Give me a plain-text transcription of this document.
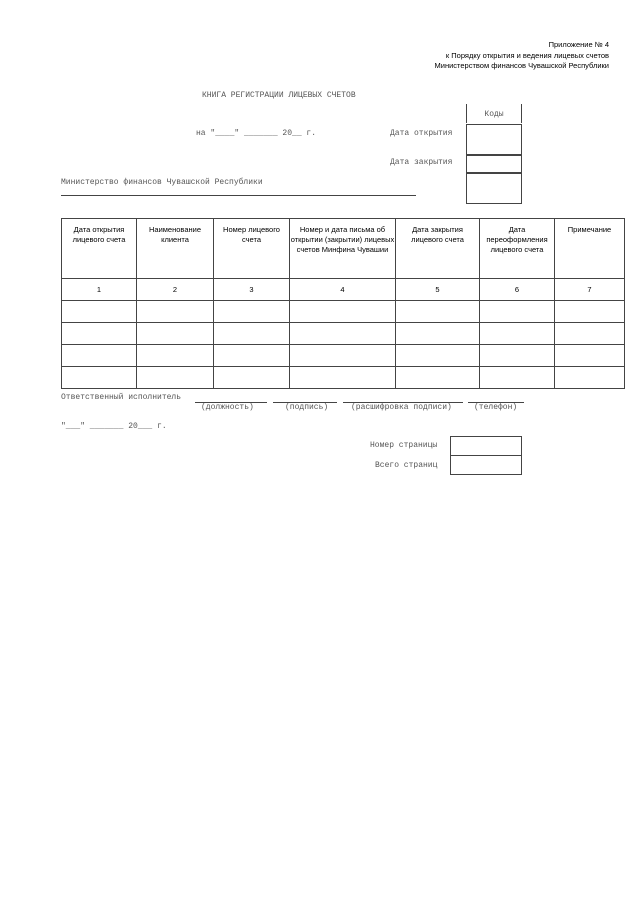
Приложение № 4
к Порядку открытия и ведения лицевых счетов
Министерством финансов Чувашской Республики
КНИГА РЕГИСТРАЦИИ ЛИЦЕВЫХ СЧЕТОВ
на "____" _______ 20__ г.	Дата открытия
Дата закрытия
Коды
Министерство финансов Чувашской Республики
Дата открытия лицевого счета	Наименование клиента	Номер лицевого счета	Номер и дата письма об открытии (закрытии) лицевых счетов Минфина Чувашии	Дата закрытия лицевого счета	Дата переоформления лицевого счета	Примечание
1	2	3	4	5	6	7

Ответственный исполнитель
(должность)	(подпись)	(расшифровка подписи)	(телефон)
"___" _______ 20___ г.
Номер страницы
Всего страниц
